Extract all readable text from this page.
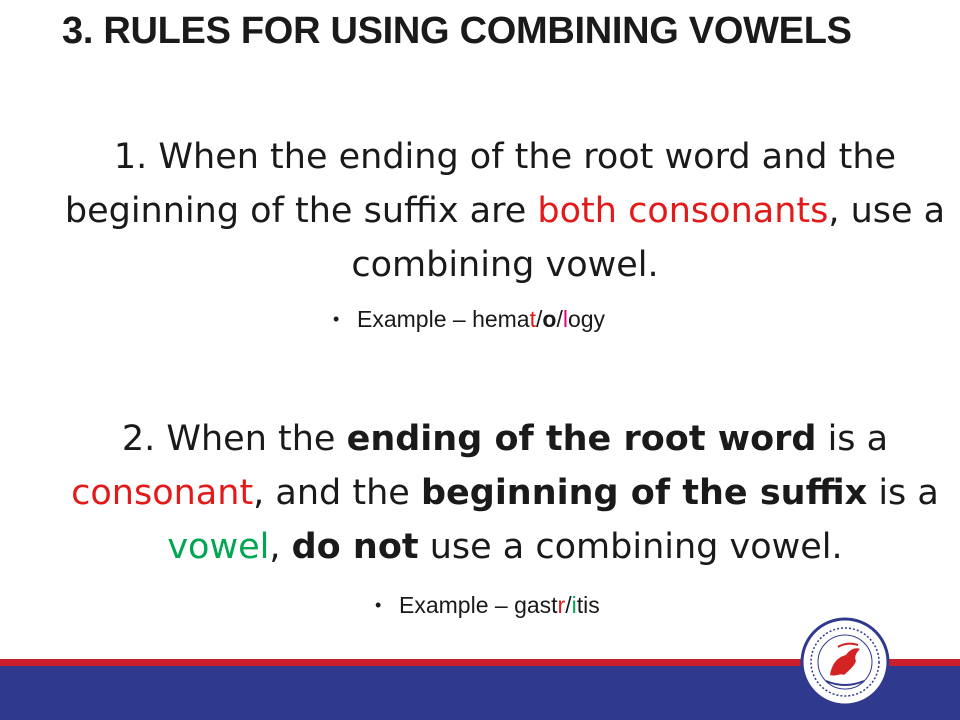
3. RULES FOR USING COMBINING VOWELS

1. When the ending of the root word and the beginning of the suffix are both consonants, use a combining vowel.

• Example – hemat/o/logy

2. When the ending of the root word is a consonant, and the beginning of the suffix is a vowel, do not use a combining vowel.

• Example – gastr/itis
